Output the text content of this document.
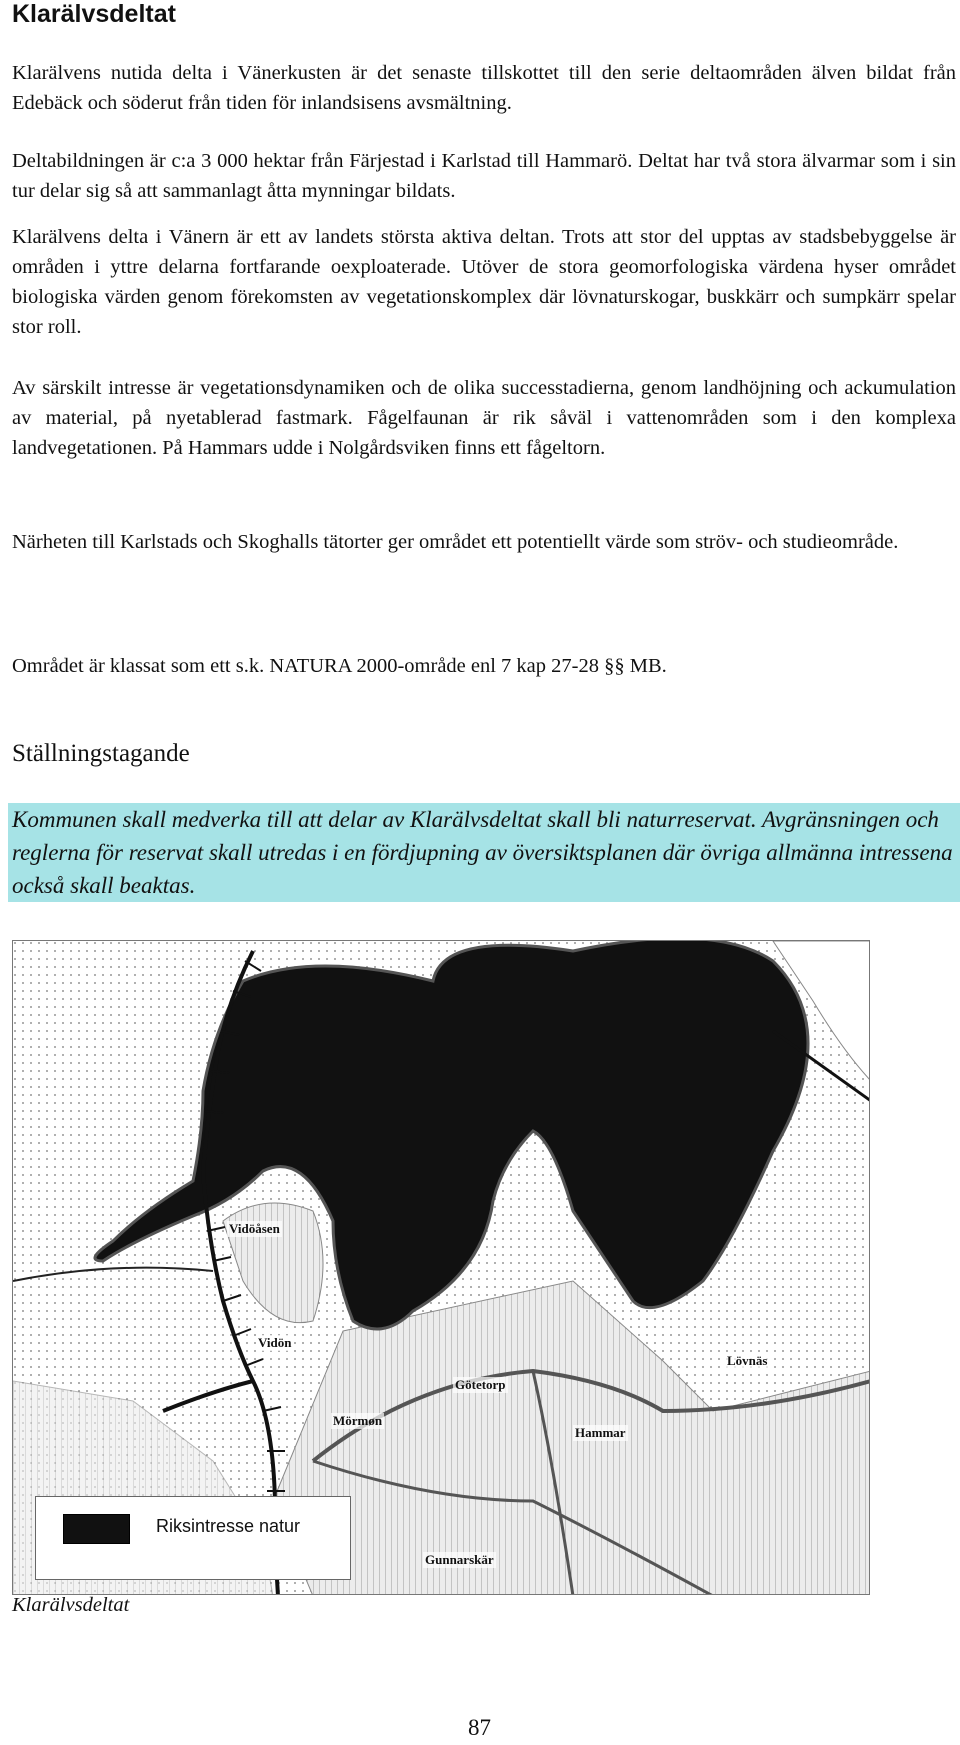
Klarälvsdeltat

Klarälvens nutida delta i Vänerkusten är det senaste tillskottet till den serie deltaområden älven bildat från Edebäck och söderut från tiden för inlandsisens avsmältning.

Deltabildningen är c:a 3 000 hektar från Färjestad i Karlstad till Hammarö. Deltat har två stora älvarmar som i sin tur delar sig så att sammanlagt åtta mynningar bildats.

Klarälvens delta i Vänern är ett av landets största aktiva deltan. Trots att stor del upptas av stadsbebyggelse är områden i yttre delarna fortfarande oexploaterade. Utöver de stora geomorfologiska värdena hyser området biologiska värden genom förekomsten av vegetationskomplex där lövnaturskogar, buskkärr och sumpkärr spelar stor roll.

Av särskilt intresse är vegetationsdynamiken och de olika successtadierna, genom landhöjning och ackumulation av material, på nyetablerad fastmark. Fågelfaunan är rik såväl i vattenområden som i den komplexa landvegetationen. På Hammars udde i Nolgårdsviken finns ett fågeltorn.

Närheten till Karlstads och Skoghalls tätorter ger området ett potentiellt värde som ströv- och studieområde.

Området är klassat som ett s.k. NATURA 2000-område enl 7 kap 27-28 §§ MB.

Ställningstagande
Kommunen skall medverka till att delar av Klarälvsdeltat skall bli naturreservat. Avgränsningen och reglerna för reservat skall utredas i en fördjupning av översiktsplanen där övriga allmänna intressena också skall beaktas.
Vidöåsen
Vidön
Lövnäs
Götetorp
Mörmøn
Hammar
Gunnarskär
Riksintresse natur
Klarälvsdeltat
87
